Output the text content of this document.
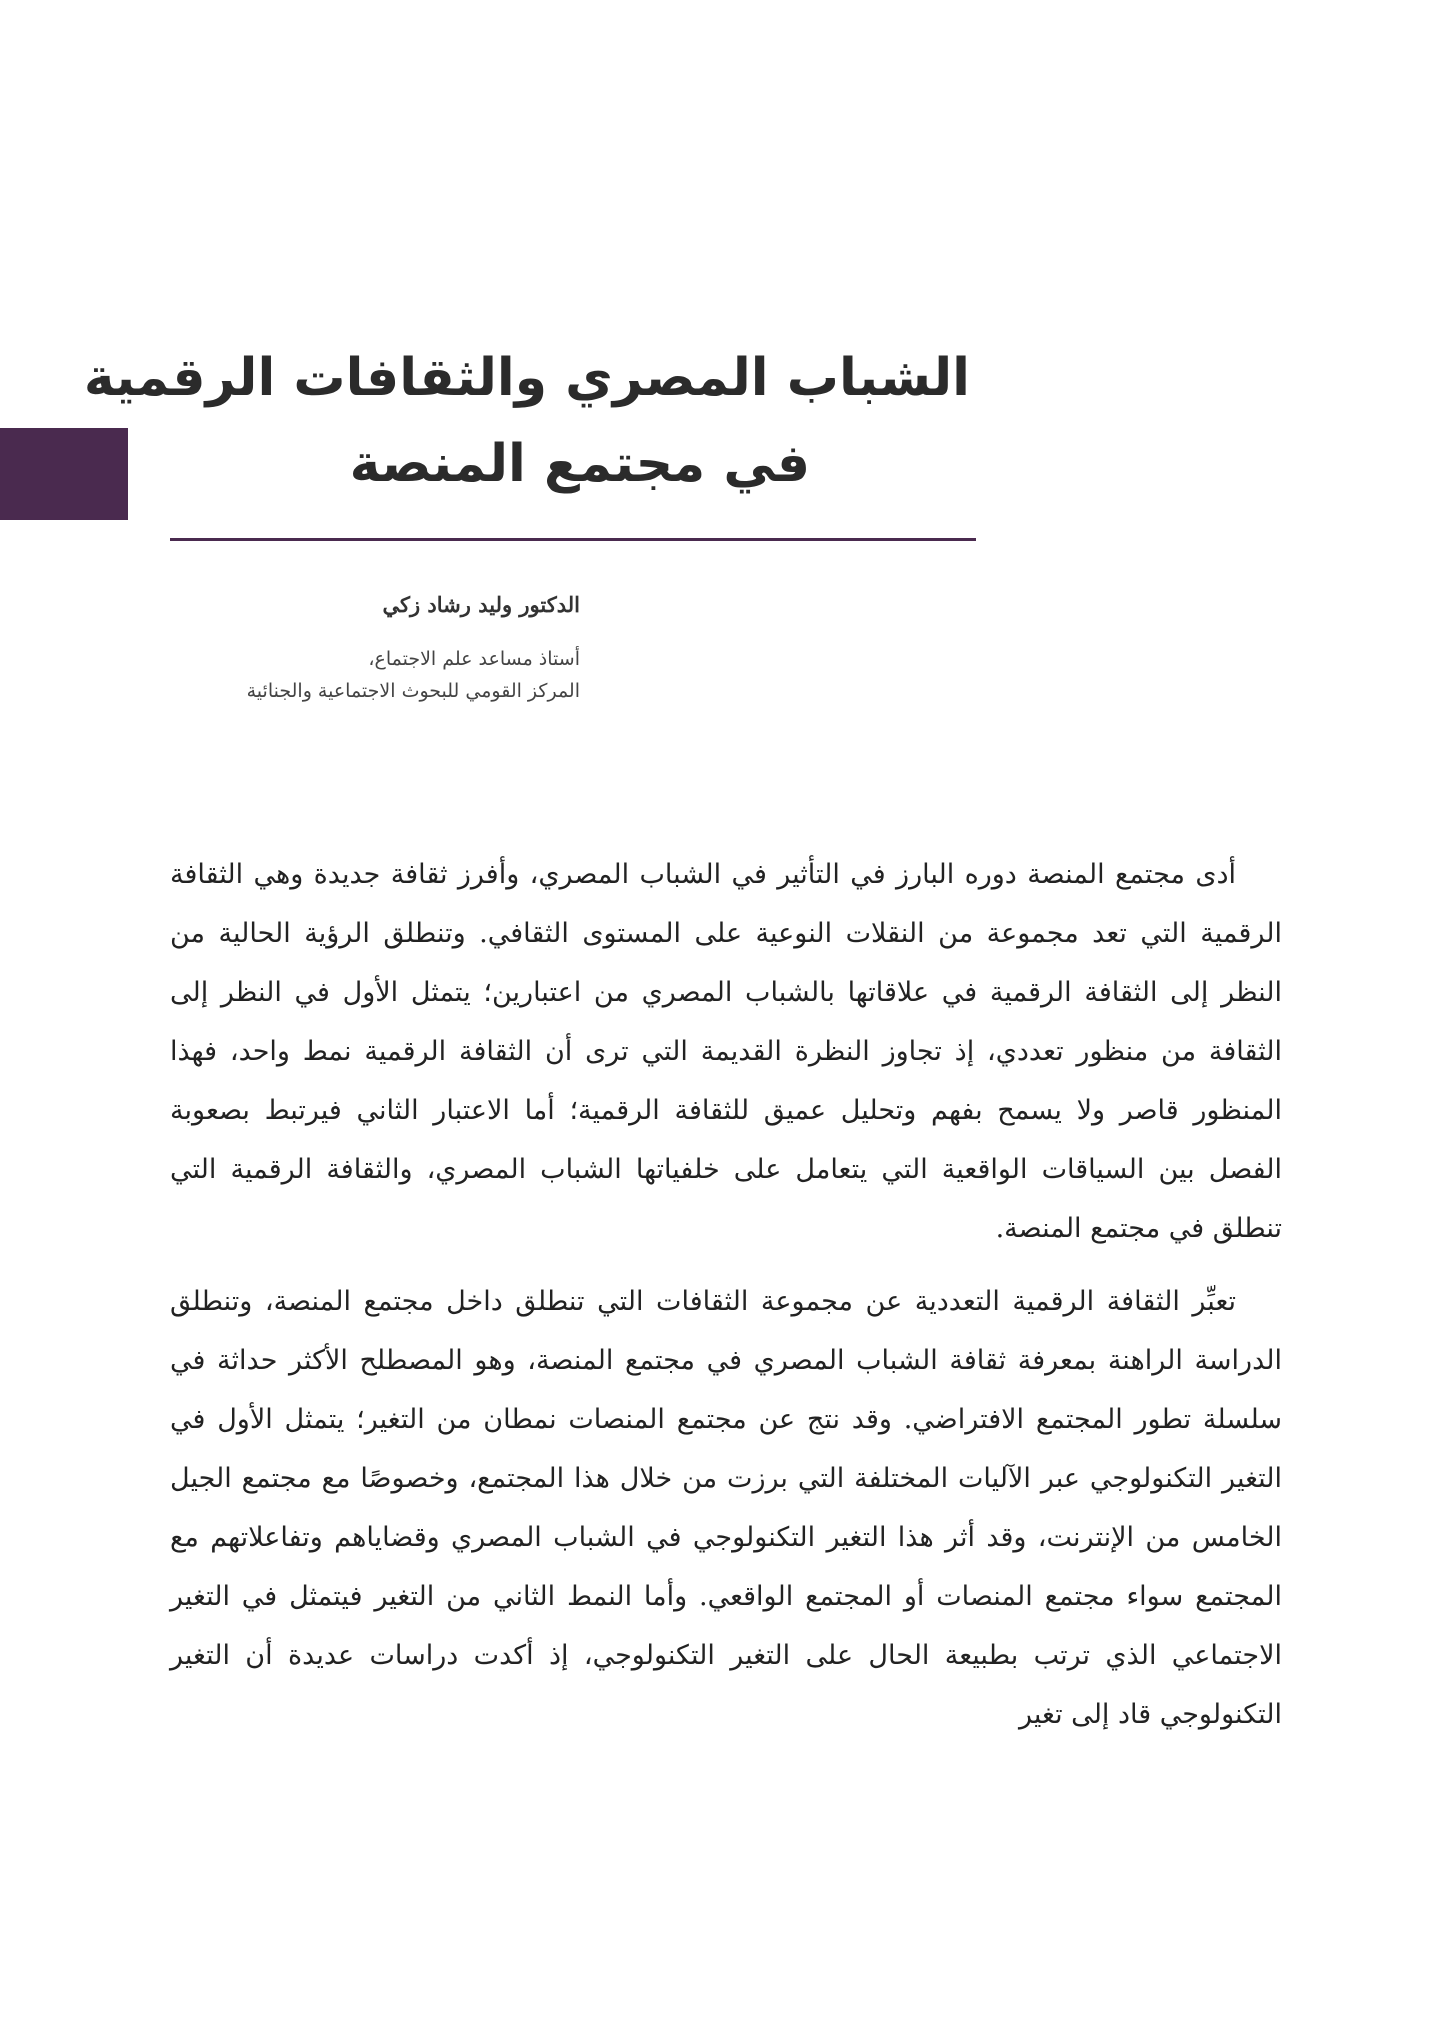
الشباب المصري والثقافات الرقمية
في مجتمع المنصة
الدكتور وليد رشاد زكي
أستاذ مساعد علم الاجتماع،
المركز القومي للبحوث الاجتماعية والجنائية

أدى مجتمع المنصة دوره البارز في التأثير في الشباب المصري، وأفرز ثقافة جديدة وهي الثقافة الرقمية التي تعد مجموعة من النقلات النوعية على المستوى الثقافي. وتنطلق الرؤية الحالية من النظر إلى الثقافة الرقمية في علاقاتها بالشباب المصري من اعتبارين؛ يتمثل الأول في النظر إلى الثقافة من منظور تعددي، إذ تجاوز النظرة القديمة التي ترى أن الثقافة الرقمية نمط واحد، فهذا المنظور قاصر ولا يسمح بفهم وتحليل عميق للثقافة الرقمية؛ أما الاعتبار الثاني فيرتبط بصعوبة الفصل بين السياقات الواقعية التي يتعامل على خلفياتها الشباب المصري، والثقافة الرقمية التي تنطلق في مجتمع المنصة.

تعبِّر الثقافة الرقمية التعددية عن مجموعة الثقافات التي تنطلق داخل مجتمع المنصة، وتنطلق الدراسة الراهنة بمعرفة ثقافة الشباب المصري في مجتمع المنصة، وهو المصطلح الأكثر حداثة في سلسلة تطور المجتمع الافتراضي. وقد نتج عن مجتمع المنصات نمطان من التغير؛ يتمثل الأول في التغير التكنولوجي عبر الآليات المختلفة التي برزت من خلال هذا المجتمع، وخصوصًا مع مجتمع الجيل الخامس من الإنترنت، وقد أثر هذا التغير التكنولوجي في الشباب المصري وقضاياهم وتفاعلاتهم مع المجتمع سواء مجتمع المنصات أو المجتمع الواقعي. وأما النمط الثاني من التغير فيتمثل في التغير الاجتماعي الذي ترتب بطبيعة الحال على التغير التكنولوجي، إذ أكدت دراسات عديدة أن التغير التكنولوجي قاد إلى تغير
